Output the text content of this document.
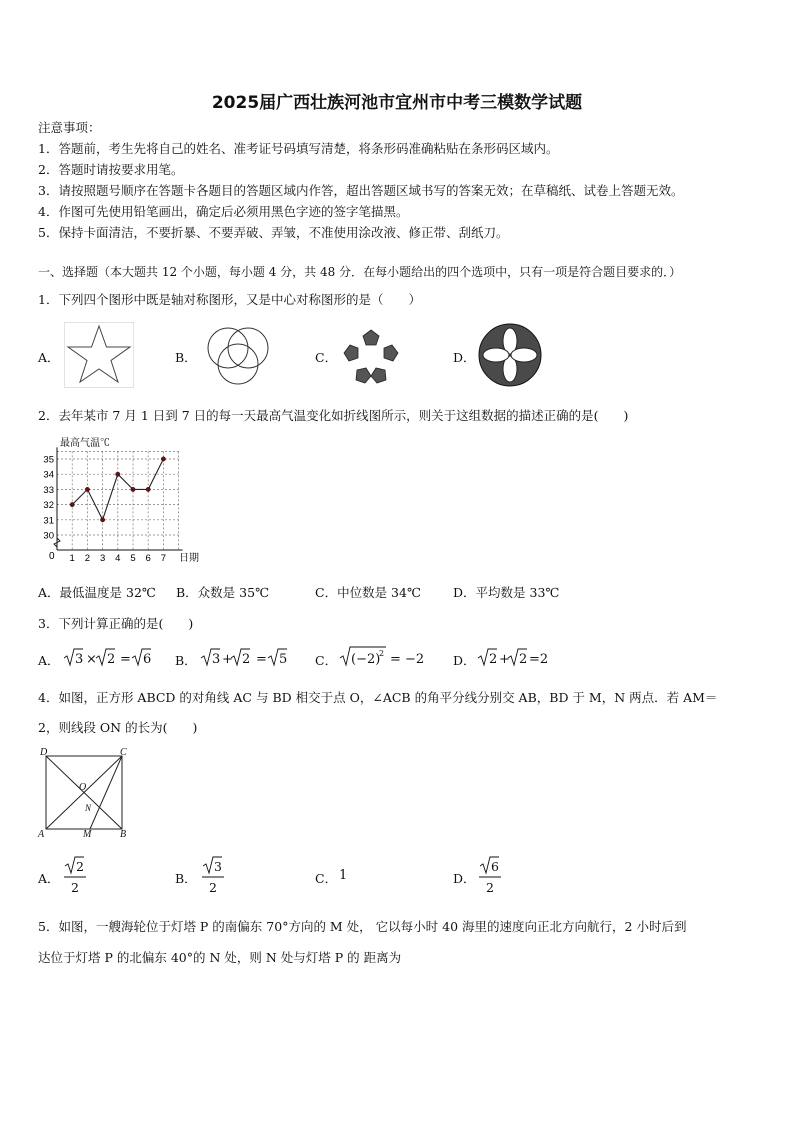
2025届广西壮族河池市宜州市中考三模数学试题
注意事项：
1．答题前，考生先将自己的姓名、准考证号码填写清楚，将条形码准确粘贴在条形码区域内。
2．答题时请按要求用笔。
3．请按照题号顺序在答题卡各题目的答题区域内作答，超出答题区域书写的答案无效；在草稿纸、试卷上答题无效。
4．作图可先使用铅笔画出，确定后必须用黑色字迹的签字笔描黑。
5．保持卡面清洁，不要折暴、不要弄破、弄皱，不准使用涂改液、修正带、刮纸刀。
一、选择题（本大题共 12 个小题，每小题 4 分，共 48 分．在每小题给出的四个选项中，只有一项是符合题目要求的．）
1．下列四个图形中既是轴对称图形，又是中心对称图形的是（　　）
A．	B．	C．	D．
2．去年某市 7 月 1 日到 7 日的每一天最高气温变化如折线图所示，则关于这组数据的描述正确的是(　　)
最高气温℃
30
31
32
33
34
35
1 2 3 4 5 6 7 日期
0
A．最低温度是 32℃ B．众数是 35℃	C．中位数是 34℃	D．平均数是 33℃
3．下列计算正确的是(　　)
A． 3 × 2 = 6 B． 3 + 2 = 5 C． (−2)
2 = −2 D． 2 + 2 =2
4．如图，正方形 ABCD 的对角线 AC 与 BD 相交于点 O，∠ACB 的角平分线分别交 AB，BD 于 M，N 两点．若 AM＝
2，则线段 ON 的长为(　　)
D	C
O
N
A	M	B
A．
2
2
B．
3
2
C． 1	D．
6
2
5．如图，一艘海轮位于灯塔 P 的南偏东 70°方向的 M 处， 它以每小时 40 海里的速度向正北方向航行，2 小时后到
达位于灯塔 P 的北偏东 40°的 N 处，则 N 处与灯塔 P 的 距离为
